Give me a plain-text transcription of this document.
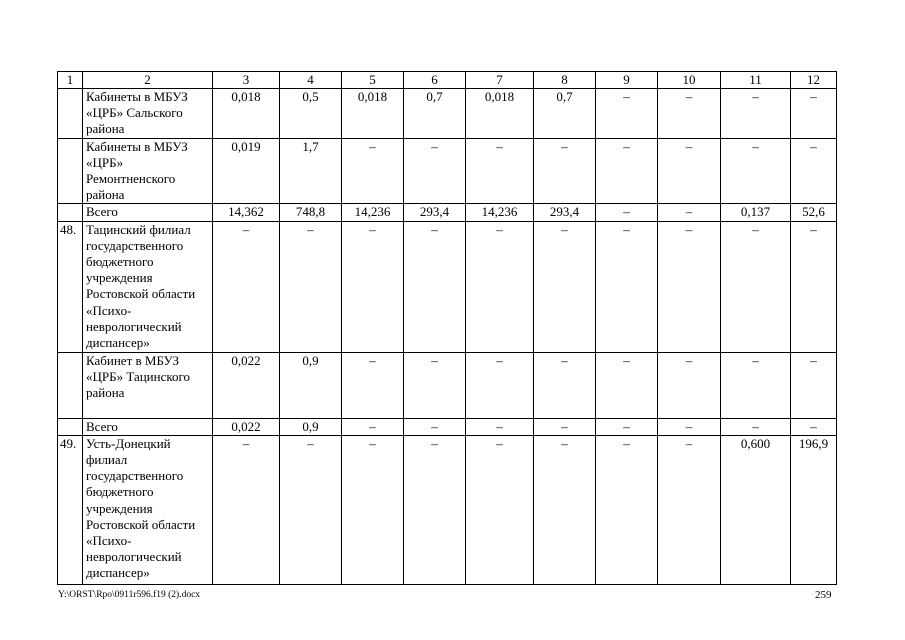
1	2	3	4	5	6	7	8	9	10	11	12
	Кабинеты в МБУЗ «ЦРБ» Сальского района	0,018	0,5	0,018	0,7	0,018	0,7	–	–	–	–
	Кабинеты в МБУЗ «ЦРБ» Ремонтненского района	0,019	1,7	–	–	–	–	–	–	–	–
	Всего	14,362	748,8	14,236	293,4	14,236	293,4	–	–	0,137	52,6
48.	Тацинский филиал государственного бюджетного учреждения Ростовской области «Психо-неврологический диспансер»	–	–	–	–	–	–	–	–	–	–
	Кабинет в МБУЗ «ЦРБ» Тацинского района	0,022	0,9	–	–	–	–	–	–	–	–
	Всего	0,022	0,9	–	–	–	–	–	–	–	–
49.	Усть-Донецкий филиал государственного бюджетного учреждения Ростовской области «Психо-неврологический диспансер»	–	–	–	–	–	–	–	–	0,600	196,9
Y:\ORST\Rpo\0911r596.f19 (2).docx	259
